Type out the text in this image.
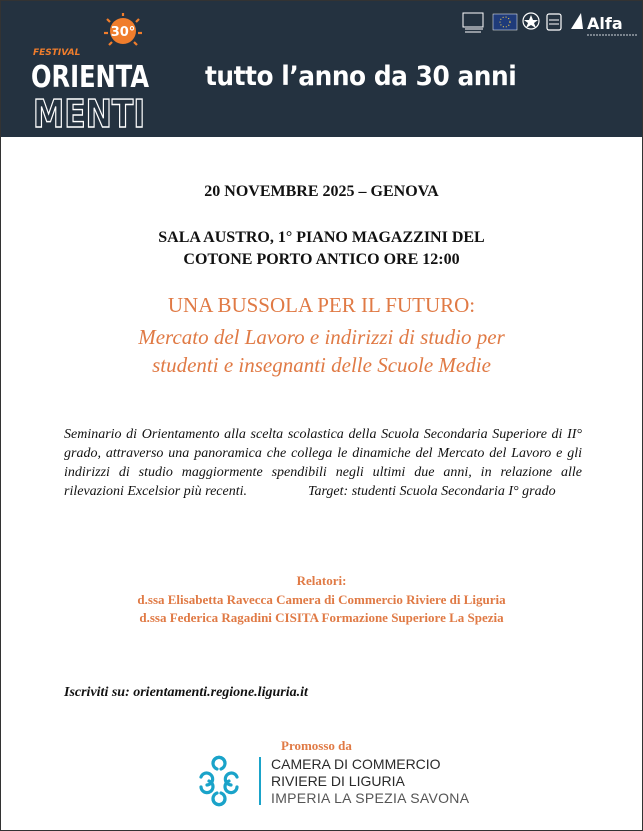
30°
FESTIVAL
ORIENTA
MENTI
tutto l’anno da 30 anni
Alfa
20 NOVEMBRE 2025 – GENOVA
SALA AUSTRO, 1° PIANO MAGAZZINI DEL
COTONE PORTO ANTICO ORE 12:00
UNA BUSSOLA PER IL FUTURO:
Mercato del Lavoro e indirizzi di studio per
studenti e insegnanti delle Scuole Medie
Seminario di Orientamento alla scelta scolastica della Scuola Secondaria Superiore di II° grado, attraverso una panoramica che collega le dinamiche del Mercato del Lavoro e gli indirizzi di studio maggiormente spendibili negli ultimi due anni, in relazione alle rilevazioni Excelsior più recenti.	Target: studenti Scuola Secondaria I° grado
Relatori:
d.ssa Elisabetta Ravecca Camera di Commercio Riviere di Liguria
d.ssa Federica Ragadini CISITA Formazione Superiore La Spezia
Iscriviti su: orientamenti.regione.liguria.it
Promosso da
CAMERA DI COMMERCIO
RIVIERE DI LIGURIA
IMPERIA LA SPEZIA SAVONA
